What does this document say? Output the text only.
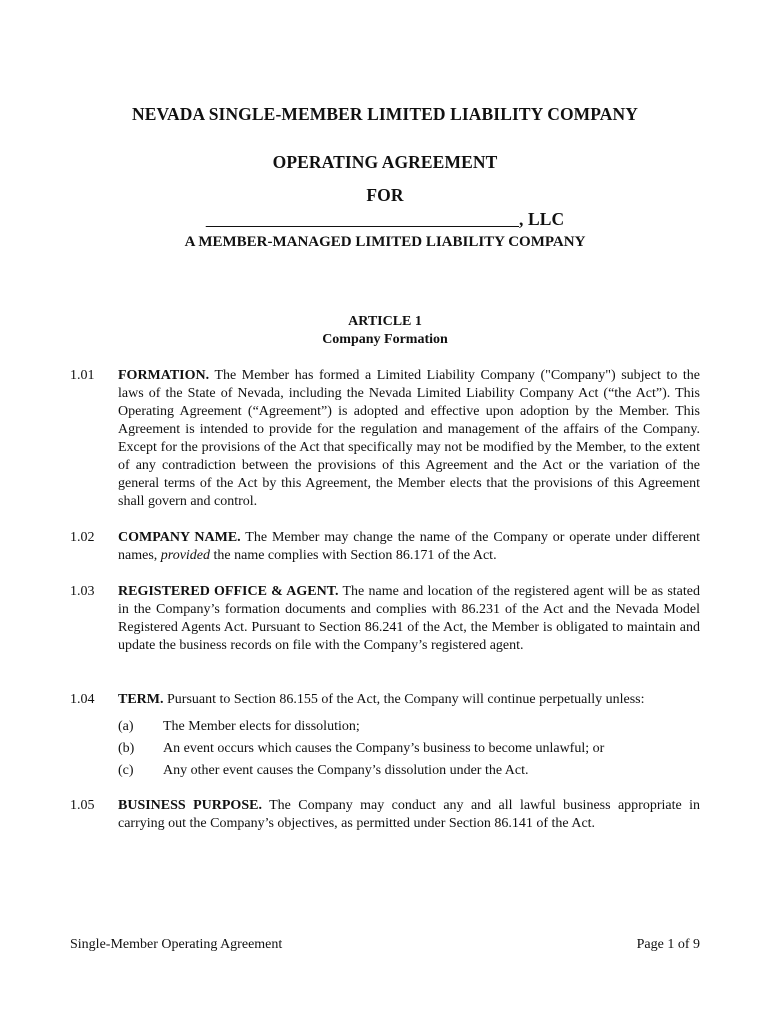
NEVADA SINGLE-MEMBER LIMITED LIABILITY COMPANY
OPERATING AGREEMENT
FOR
, LLC
A MEMBER-MANAGED LIMITED LIABILITY COMPANY
ARTICLE 1
Company Formation
1.01	FORMATION. The Member has formed a Limited Liability Company ("Company") subject to the laws of the State of Nevada, including the Nevada Limited Liability Company Act (“the Act”). This Operating Agreement (“Agreement”) is adopted and effective upon adoption by the Member. This Agreement is intended to provide for the regulation and management of the affairs of the Company. Except for the provisions of the Act that specifically may not be modified by the Member, to the extent of any contradiction between the provisions of this Agreement and the Act or the variation of the general terms of the Act by this Agreement, the Member elects that the provisions of this Agreement shall govern and control.
1.02	COMPANY NAME. The Member may change the name of the Company or operate under different names, provided the name complies with Section 86.171 of the Act.
1.03	REGISTERED OFFICE & AGENT. The name and location of the registered agent will be as stated in the Company’s formation documents and complies with 86.231 of the Act and the Nevada Model Registered Agents Act. Pursuant to Section 86.241 of the Act, the Member is obligated to maintain and update the business records on file with the Company’s registered agent.
1.04	TERM. Pursuant to Section 86.155 of the Act, the Company will continue perpetually unless:
(a)	The Member elects for dissolution;
(b)	An event occurs which causes the Company’s business to become unlawful; or
(c)	Any other event causes the Company’s dissolution under the Act.
1.05	BUSINESS PURPOSE. The Company may conduct any and all lawful business appropriate in carrying out the Company’s objectives, as permitted under Section 86.141 of the Act.
Single-Member Operating Agreement	Page 1 of 9
